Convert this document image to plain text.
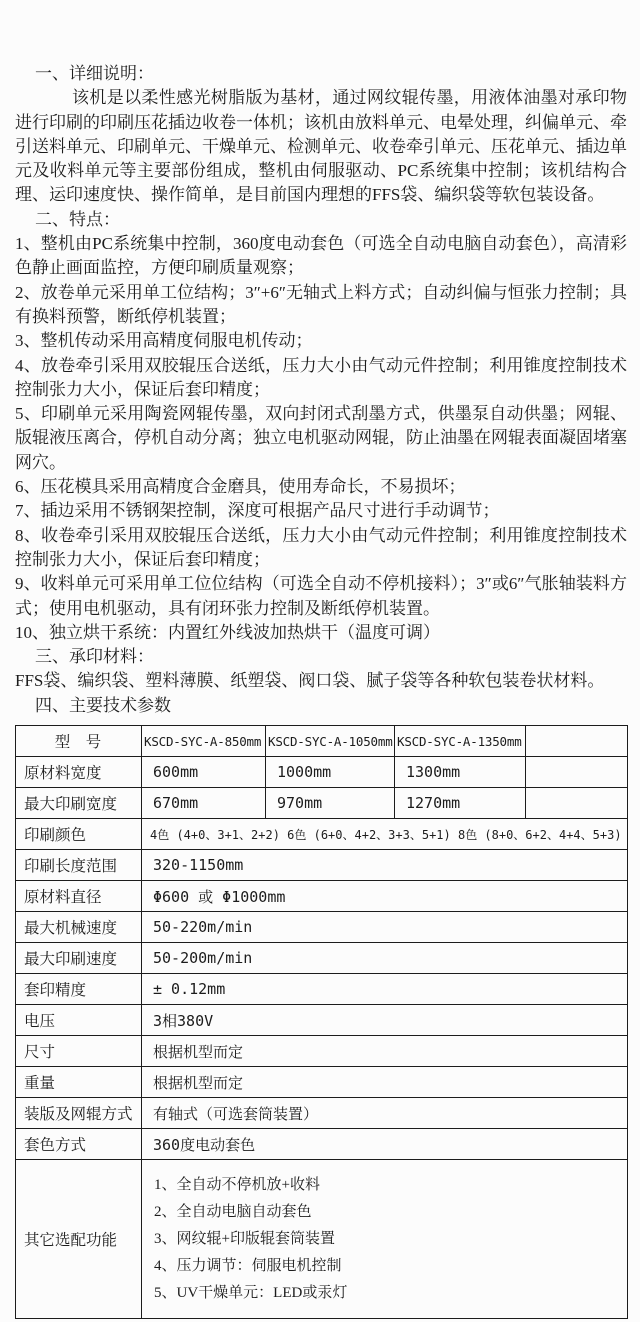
一、详细说明：
该机是以柔性感光树脂版为基材，通过网纹辊传墨，用液体油墨对承印物进行印刷的印刷压花插边收卷一体机；该机由放料单元、电晕处理，纠偏单元、牵引送料单元、印刷单元、干燥单元、检测单元、收卷牵引单元、压花单元、插边单元及收料单元等主要部份组成，整机由伺服驱动、PC系统集中控制；该机结构合理、运印速度快、操作简单，是目前国内理想的FFS袋、编织袋等软包装设备。
二、特点：
1、整机由PC系统集中控制，360度电动套色（可选全自动电脑自动套色），高清彩色静止画面监控，方便印刷质量观察；
2、放卷单元采用单工位结构；3″+6″无轴式上料方式；自动纠偏与恒张力控制；具有换料预警，断纸停机装置；
3、整机传动采用高精度伺服电机传动；
4、放卷牵引采用双胶辊压合送纸，压力大小由气动元件控制；利用锥度控制技术控制张力大小，保证后套印精度；
5、印刷单元采用陶瓷网辊传墨，双向封闭式刮墨方式，供墨泵自动供墨；网辊、版辊液压离合，停机自动分离；独立电机驱动网辊，防止油墨在网辊表面凝固堵塞网穴。
6、压花模具采用高精度合金磨具，使用寿命长，不易损坏；
7、插边采用不锈钢架控制，深度可根据产品尺寸进行手动调节；
8、收卷牵引采用双胶辊压合送纸，压力大小由气动元件控制；利用锥度控制技术控制张力大小，保证后套印精度；
9、收料单元可采用单工位位结构（可选全自动不停机接料）；3″或6″气胀轴装料方式；使用电机驱动，具有闭环张力控制及断纸停机装置。
10、独立烘干系统：内置红外线波加热烘干（温度可调）
三、承印材料：
FFS袋、编织袋、塑料薄膜、纸塑袋、阀口袋、腻子袋等各种软包装卷状材料。
四、主要技术参数
型　号	KSCD-SYC-A-850mm	KSCD-SYC-A-1050mm	KSCD-SYC-A-1350mm	
原材料宽度	600mm	1000mm	1300mm	
最大印刷宽度	670mm	970mm	1270mm	
印刷颜色	4色 (4+0、3+1、2+2) 6色 (6+0、4+2、3+3、5+1) 8色 (8+0、6+2、4+4、5+3)			
印刷长度范围	320-1150mm			
原材料直径	Φ600 或 Φ1000mm			
最大机械速度	50-220m/min			
最大印刷速度	50-200m/min			
套印精度	± 0.12mm			
电压	3相380V			
尺寸	根据机型而定			
重量	根据机型而定			
装版及网辊方式	有轴式（可选套筒装置）			
套色方式	360度电动套色			
其它选配功能	1、全自动不停机放+收料
2、全自动电脑自动套色
3、网纹辊+印版辊套筒装置
4、压力调节：伺服电机控制
5、UV干燥单元：LED或汞灯			
